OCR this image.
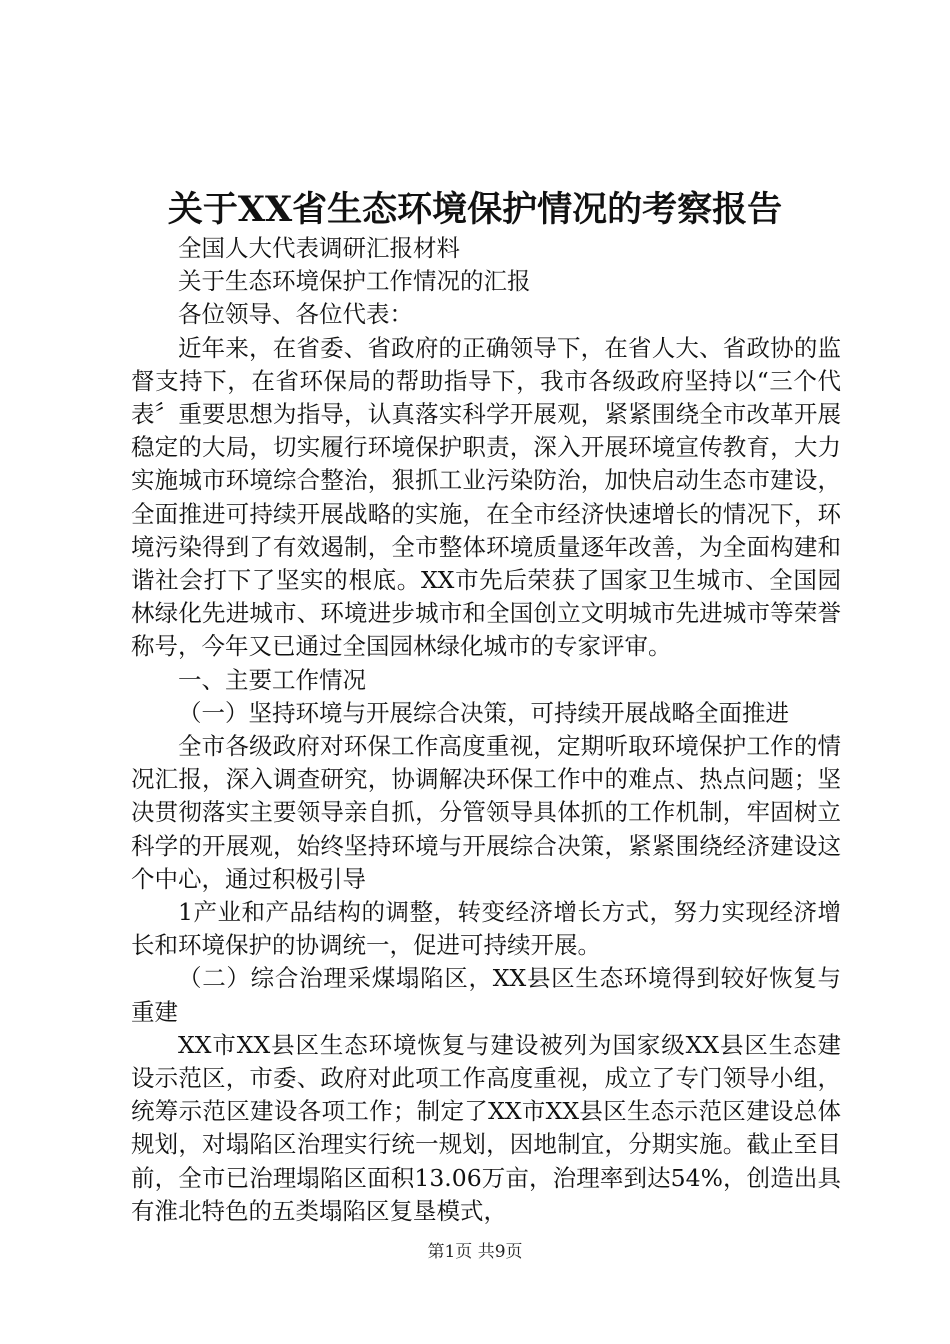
关于XX省生态环境保护情况的考察报告

全国人大代表调研汇报材料

关于生态环境保护工作情况的汇报

各位领导、各位代表：

近年来，在省委、省政府的正确领导下，在省人大、省政协的监督支持下，在省环保局的帮助指导下，我市各级政府坚持以“三个代表〞重要思想为指导，认真落实科学开展观，紧紧围绕全市改革开展稳定的大局，切实履行环境保护职责，深入开展环境宣传教育，大力实施城市环境综合整治，狠抓工业污染防治，加快启动生态市建设，全面推进可持续开展战略的实施，在全市经济快速增长的情况下，环境污染得到了有效遏制，全市整体环境质量逐年改善，为全面构建和谐社会打下了坚实的根底。XX市先后荣获了国家卫生城市、全国园林绿化先进城市、环境进步城市和全国创立文明城市先进城市等荣誉称号，今年又已通过全国园林绿化城市的专家评审。

一、主要工作情况

（一）坚持环境与开展综合决策，可持续开展战略全面推进

全市各级政府对环保工作高度重视，定期听取环境保护工作的情况汇报，深入调查研究，协调解决环保工作中的难点、热点问题；坚决贯彻落实主要领导亲自抓，分管领导具体抓的工作机制，牢固树立科学的开展观，始终坚持环境与开展综合决策，紧紧围绕经济建设这个中心，通过积极引导

1产业和产品结构的调整，转变经济增长方式，努力实现经济增长和环境保护的协调统一，促进可持续开展。

（二）综合治理采煤塌陷区，XX县区生态环境得到较好恢复与重建

XX市XX县区生态环境恢复与建设被列为国家级XX县区生态建设示范区，市委、政府对此项工作高度重视，成立了专门领导小组，统筹示范区建设各项工作；制定了XX市XX县区生态示范区建设总体规划，对塌陷区治理实行统一规划，因地制宜，分期实施。截止至目前，全市已治理塌陷区面积13.06万亩，治理率到达54%，创造出具有淮北特色的五类塌陷区复垦模式，

第1页 共9页
